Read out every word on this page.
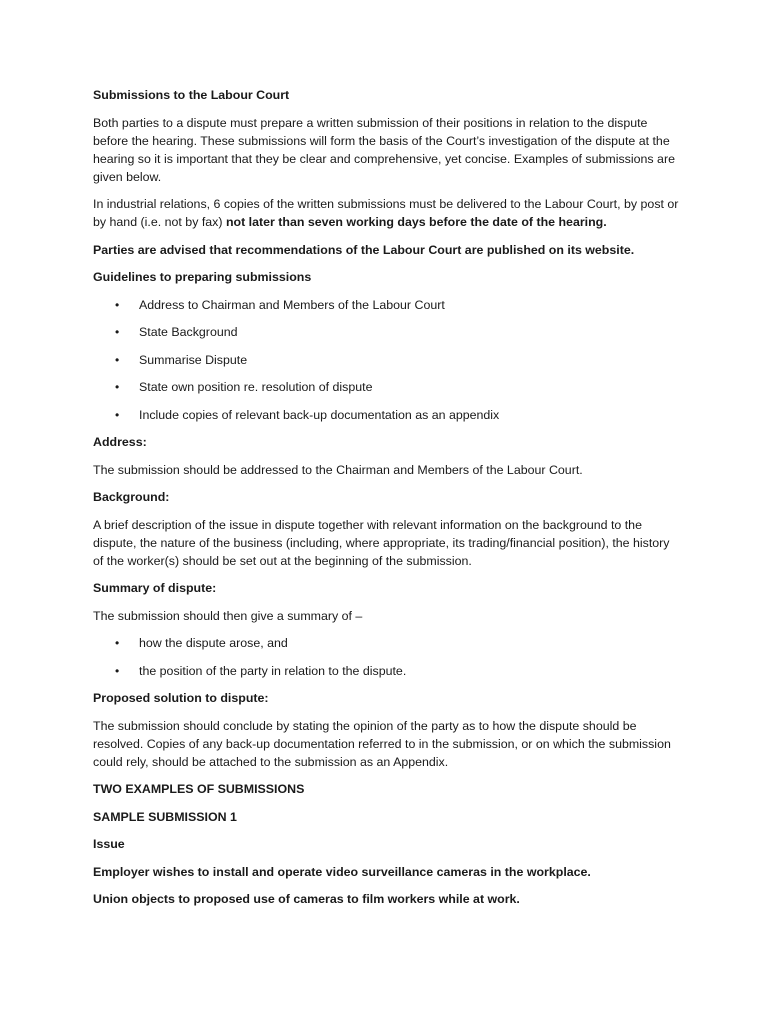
Submissions to the Labour Court

Both parties to a dispute must prepare a written submission of their positions in relation to the dispute before the hearing. These submissions will form the basis of the Court’s investigation of the dispute at the hearing so it is important that they be clear and comprehensive, yet concise. Examples of submissions are given below.

In industrial relations, 6 copies of the written submissions must be delivered to the Labour Court, by post or by hand (i.e. not by fax) not later than seven working days before the date of the hearing.

Parties are advised that recommendations of the Labour Court are published on its website.

Guidelines to preparing submissions

• Address to Chairman and Members of the Labour Court
• State Background
• Summarise Dispute
• State own position re. resolution of dispute
• Include copies of relevant back-up documentation as an appendix

Address:

The submission should be addressed to the Chairman and Members of the Labour Court.

Background:

A brief description of the issue in dispute together with relevant information on the background to the dispute, the nature of the business (including, where appropriate, its trading/financial position), the history of the worker(s) should be set out at the beginning of the submission.

Summary of dispute:

The submission should then give a summary of –

• how the dispute arose, and
• the position of the party in relation to the dispute.

Proposed solution to dispute:

The submission should conclude by stating the opinion of the party as to how the dispute should be resolved. Copies of any back-up documentation referred to in the submission, or on which the submission could rely, should be attached to the submission as an Appendix.

TWO EXAMPLES OF SUBMISSIONS

SAMPLE SUBMISSION 1

Issue

Employer wishes to install and operate video surveillance cameras in the workplace.

Union objects to proposed use of cameras to film workers while at work.
